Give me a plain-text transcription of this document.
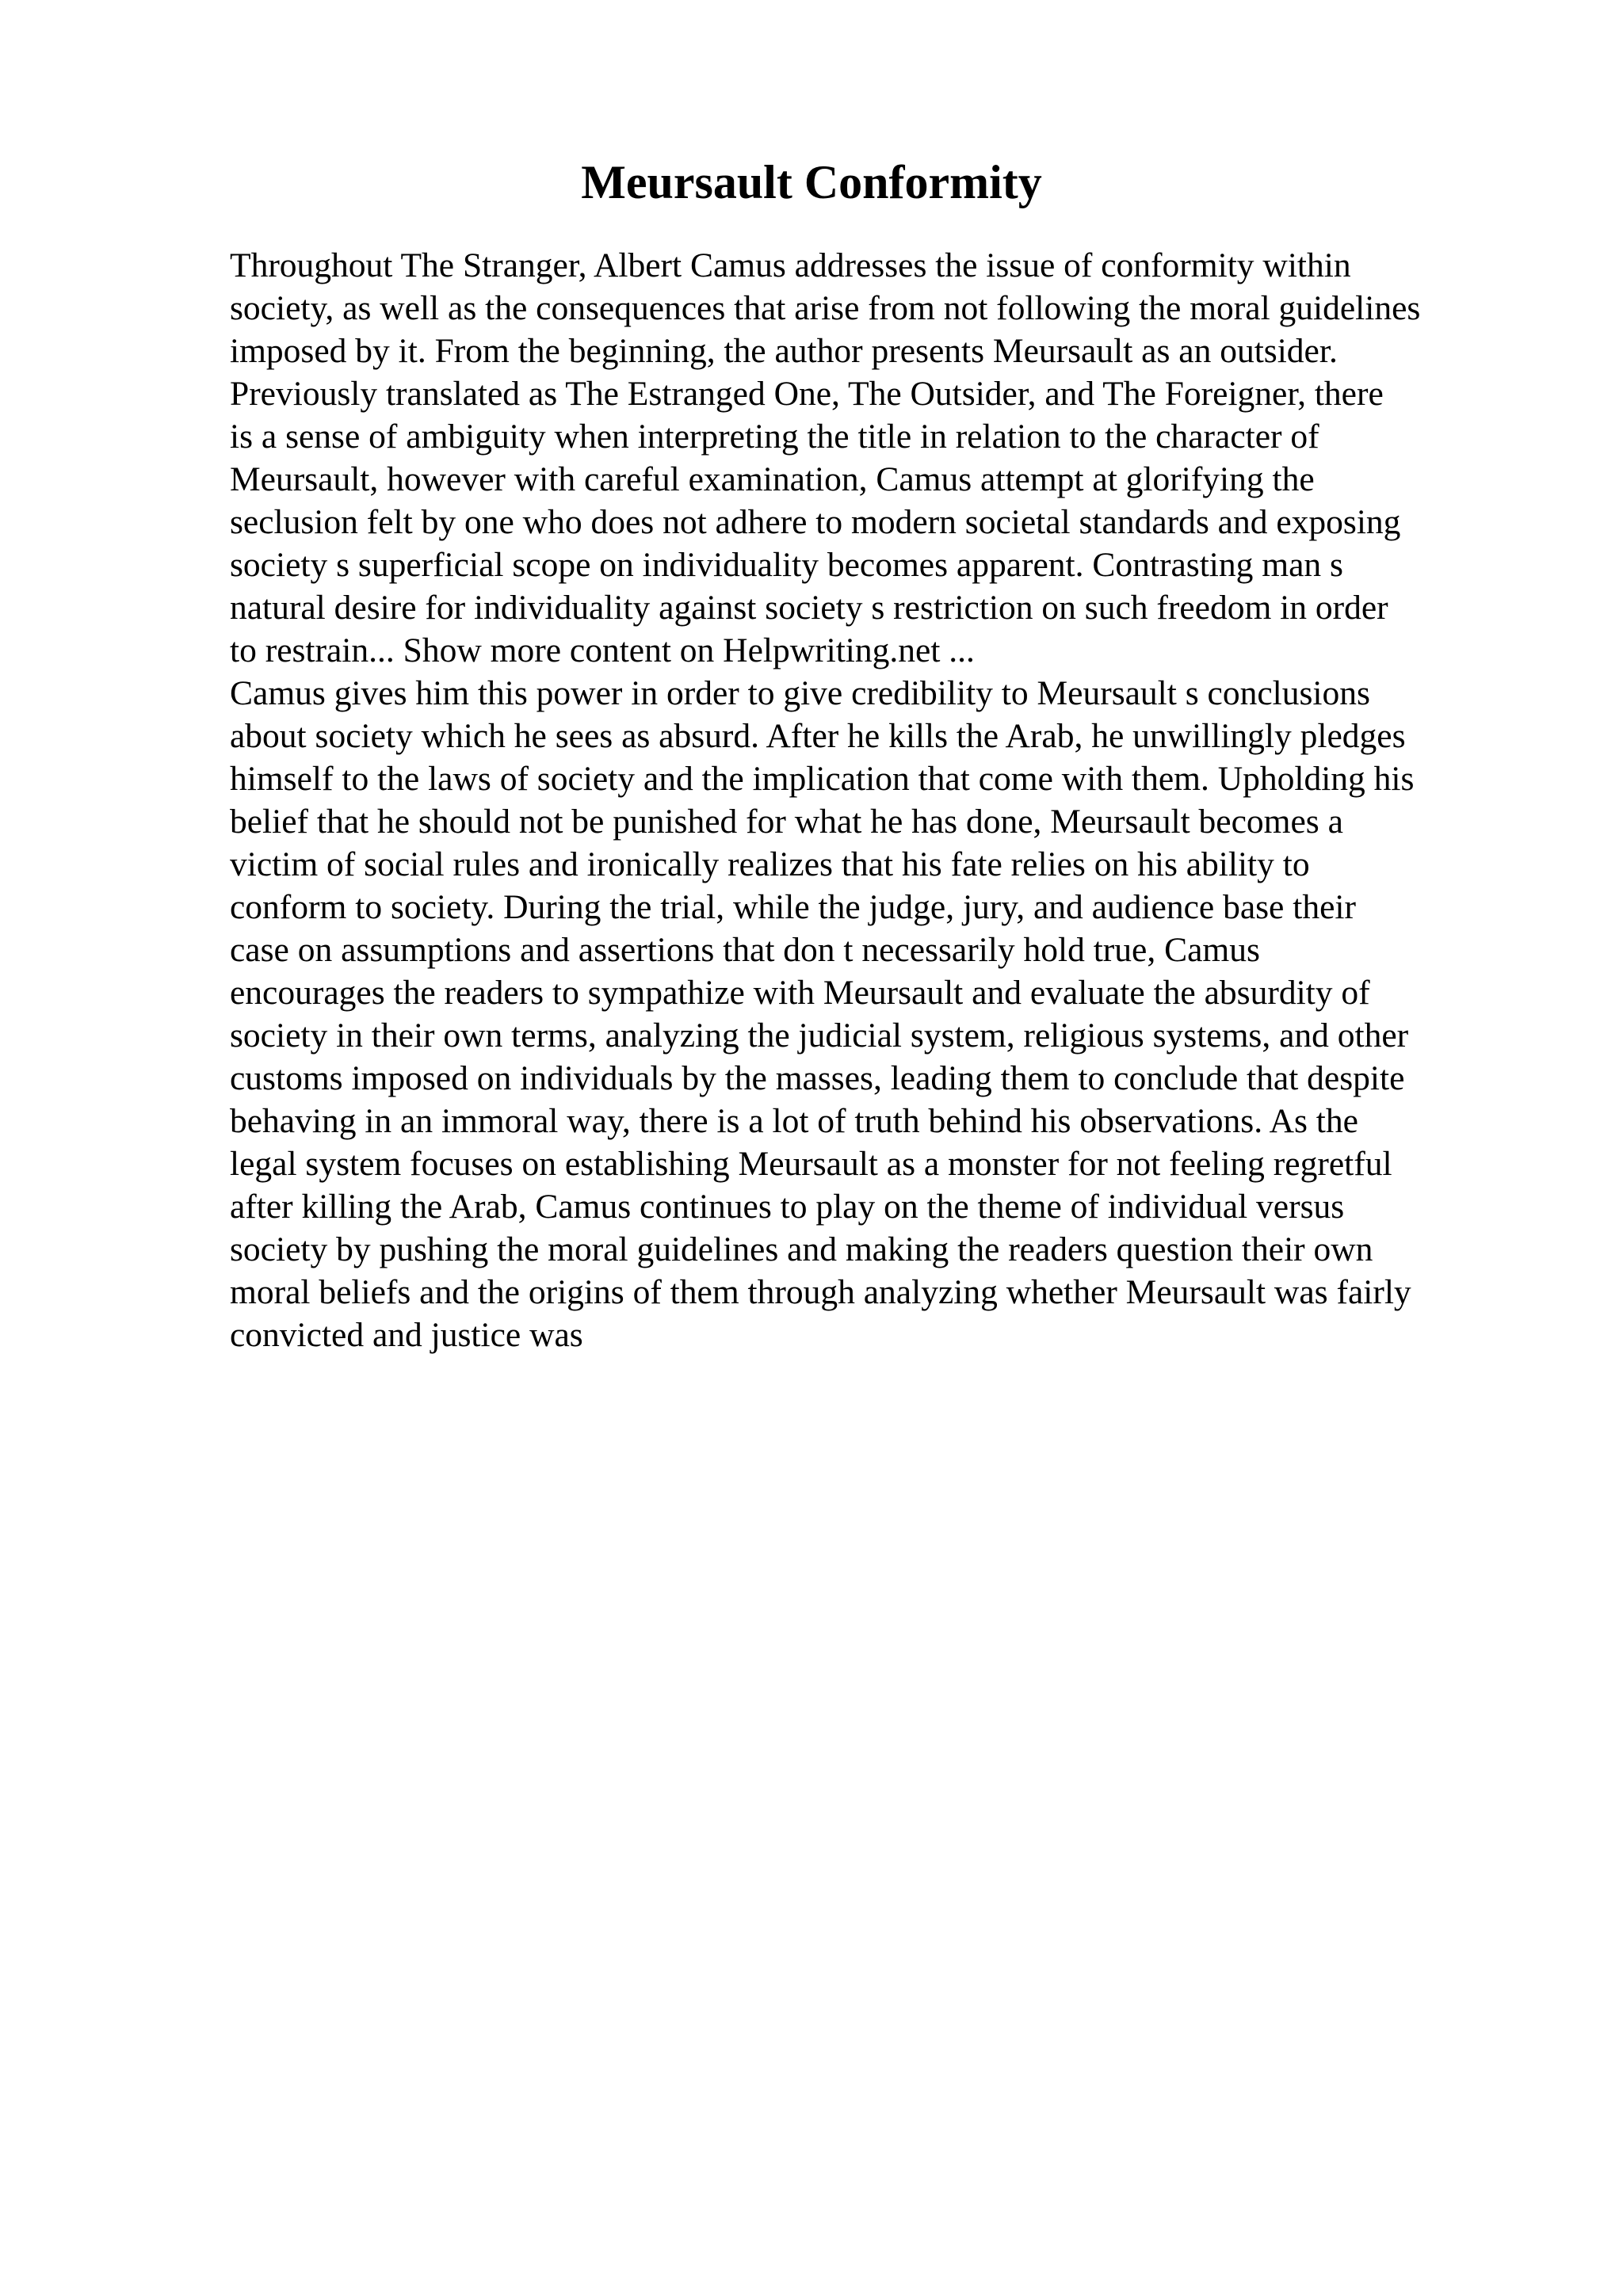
Meursault Conformity
Throughout The Stranger, Albert Camus addresses the issue of conformity within
society, as well as the consequences that arise from not following the moral guidelines
imposed by it. From the beginning, the author presents Meursault as an outsider.
Previously translated as The Estranged One, The Outsider, and The Foreigner, there
is a sense of ambiguity when interpreting the title in relation to the character of
Meursault, however with careful examination, Camus attempt at glorifying the
seclusion felt by one who does not adhere to modern societal standards and exposing
society s superficial scope on individuality becomes apparent. Contrasting man s
natural desire for individuality against society s restriction on such freedom in order
to restrain... Show more content on Helpwriting.net ...
Camus gives him this power in order to give credibility to Meursault s conclusions
about society which he sees as absurd. After he kills the Arab, he unwillingly pledges
himself to the laws of society and the implication that come with them. Upholding his
belief that he should not be punished for what he has done, Meursault becomes a
victim of social rules and ironically realizes that his fate relies on his ability to
conform to society. During the trial, while the judge, jury, and audience base their
case on assumptions and assertions that don t necessarily hold true, Camus
encourages the readers to sympathize with Meursault and evaluate the absurdity of
society in their own terms, analyzing the judicial system, religious systems, and other
customs imposed on individuals by the masses, leading them to conclude that despite
behaving in an immoral way, there is a lot of truth behind his observations. As the
legal system focuses on establishing Meursault as a monster for not feeling regretful
after killing the Arab, Camus continues to play on the theme of individual versus
society by pushing the moral guidelines and making the readers question their own
moral beliefs and the origins of them through analyzing whether Meursault was fairly
convicted and justice was
